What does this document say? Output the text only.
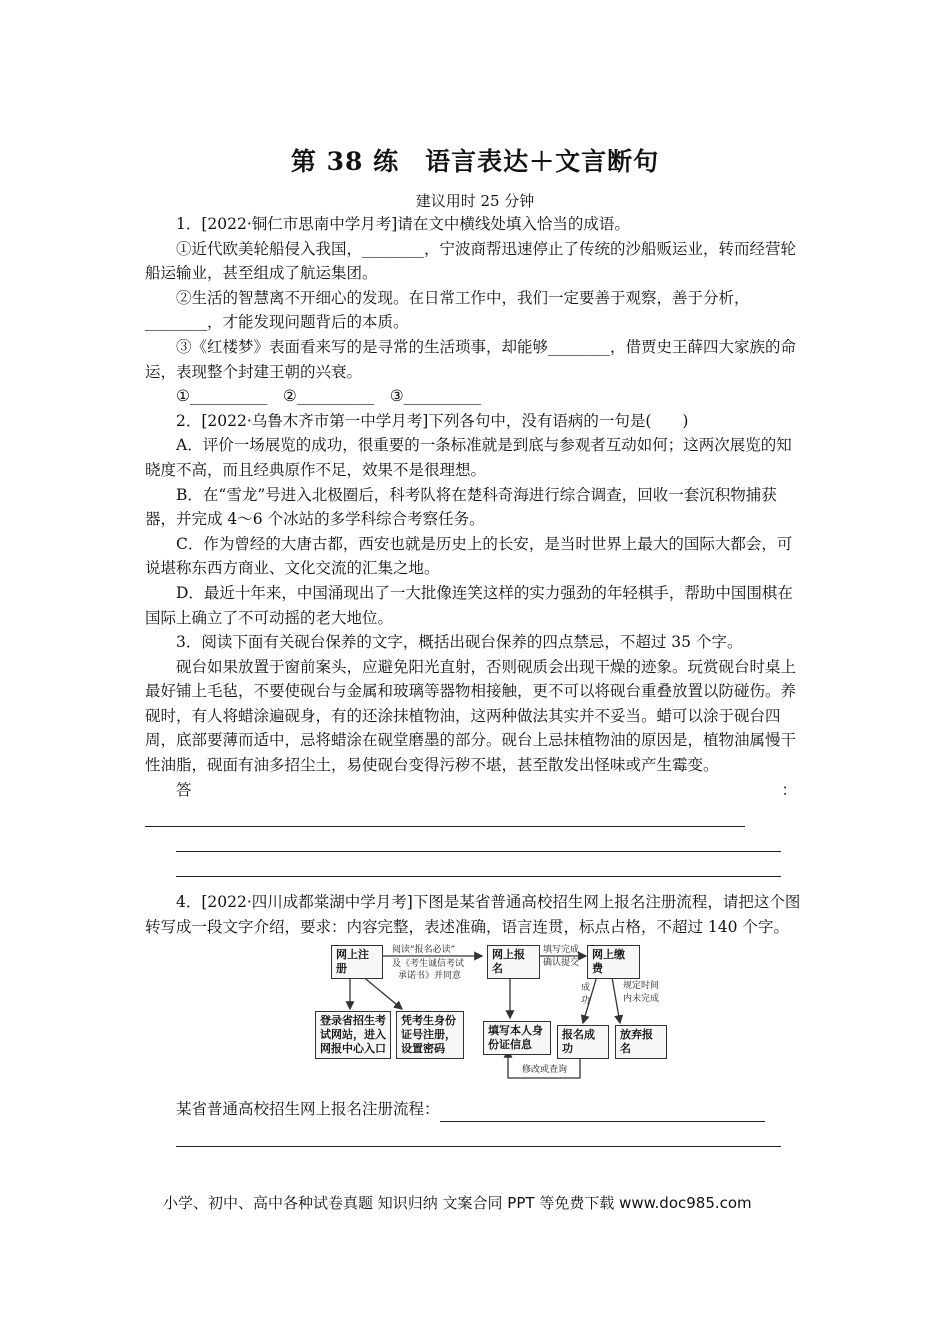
第 38 练　语言表达＋文言断句
建议用时 25 分钟

1．[2022·铜仁市思南中学月考]请在文中横线处填入恰当的成语。

①近代欧美轮船侵入我国，________，宁波商帮迅速停止了传统的沙船贩运业，转而经营轮船运输业，甚至组成了航运集团。

②生活的智慧离不开细心的发现。在日常工作中，我们一定要善于观察，善于分析，________，才能发现问题背后的本质。

③《红楼梦》表面看来写的是寻常的生活琐事，却能够________，借贾史王薛四大家族的命运，表现整个封建王朝的兴衰。

①__________　②__________　③__________

2．[2022·乌鲁木齐市第一中学月考]下列各句中，没有语病的一句是(　　)

A．评价一场展览的成功，很重要的一条标准就是到底与参观者互动如何；这两次展览的知晓度不高，而且经典原作不足，效果不是很理想。

B．在“雪龙”号进入北极圈后，科考队将在楚科奇海进行综合调查，回收一套沉积物捕获器，并完成 4～6 个冰站的多学科综合考察任务。

C．作为曾经的大唐古都，西安也就是历史上的长安，是当时世界上最大的国际大都会，可说堪称东西方商业、文化交流的汇集之地。

D．最近十年来，中国涌现出了一大批像连笑这样的实力强劲的年轻棋手，帮助中国围棋在国际上确立了不可动摇的老大地位。

3．阅读下面有关砚台保养的文字，概括出砚台保养的四点禁忌，不超过 35 个字。

砚台如果放置于窗前案头，应避免阳光直射，否则砚质会出现干燥的迹象。玩赏砚台时桌上最好铺上毛毡，不要使砚台与金属和玻璃等器物相接触，更不可以将砚台重叠放置以防碰伤。养砚时，有人将蜡涂遍砚身，有的还涂抹植物油，这两种做法其实并不妥当。蜡可以涂于砚台四周，底部要薄而适中，忌将蜡涂在砚堂磨墨的部分。砚台上忌抹植物油的原因是，植物油属慢干性油脂，砚面有油多招尘土，易使砚台变得污秽不堪，甚至散发出怪味或产生霉变。

答	：

4．[2022·四川成都棠湖中学月考]下图是某省普通高校招生网上报名注册流程，请把这个图转写成一段文字介绍，要求：内容完整，表述准确，语言连贯，标点占格，不超过 140 个字。

网上注册
网上报名
网上缴费
登录省招生考试网站，进入网报中心入口
凭考生身份证号注册，设置密码
填写本人身份证信息
报名成功
放弃报名
阅读“报名必读”
及《考生诚信考试
承诺书》并同意
填写完成
确认提交
成
功
规定时间
内未完成
修改或查询

某省普通高校招生网上报名注册流程：

小学、初中、高中各种试卷真题 知识归纳 文案合同 PPT 等免费下载 www.doc985.com
